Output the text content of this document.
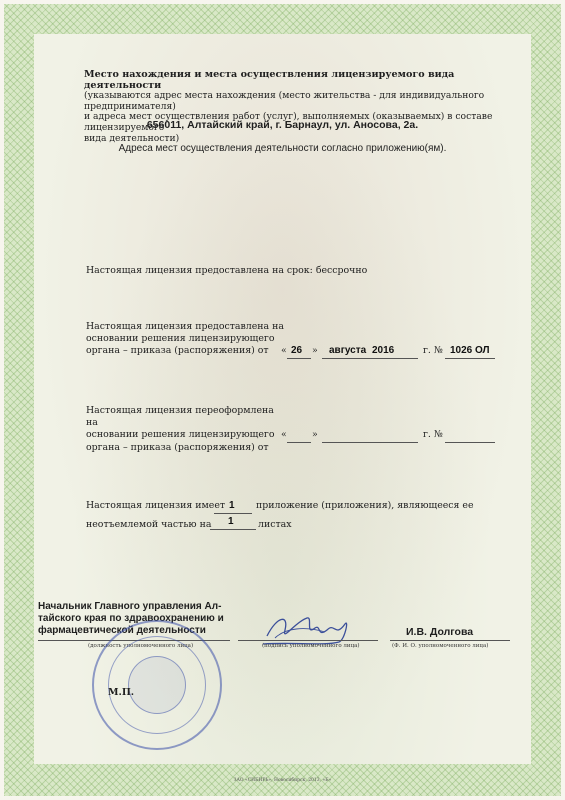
Место нахождения и места осуществления лицензируемого вида деятельности
(указываются адрес места нахождения (место жительства - для индивидуального предпринимателя)
и адреса мест осуществления работ (услуг), выполняемых (оказываемых) в составе лицензируемого
вида деятельности)
656011, Алтайский край, г. Барнаул, ул. Аносова, 2а.
Адреса мест осуществления деятельности согласно приложению(ям).
Настоящая лицензия предоставлена на срок: бессрочно
Настоящая лицензия предоставлена на
основании решения лицензирующего
органа – приказа (распоряжения) от	« 26 » августа 2016	г. № 1026 ОЛ
Настоящая лицензия переоформлена на
основании решения лицензирующего
органа – приказа (распоряжения) от
«	»	г. №
Настоящая лицензия имеет 1 приложение (приложения), являющееся ее
неотъемлемой частью на 1	листах
Начальник Главного управления Ал-
тайского края по здравоохранению и
фармацевтической деятельности
(должность уполномоченного лица)	(подпись уполномоченного лица)
И.В. Долгова
(Ф. И. О. уполномоченного лица)
М.П.
ЗАО «СИБИРЬ», Новосибирск, 2013, «Б»
